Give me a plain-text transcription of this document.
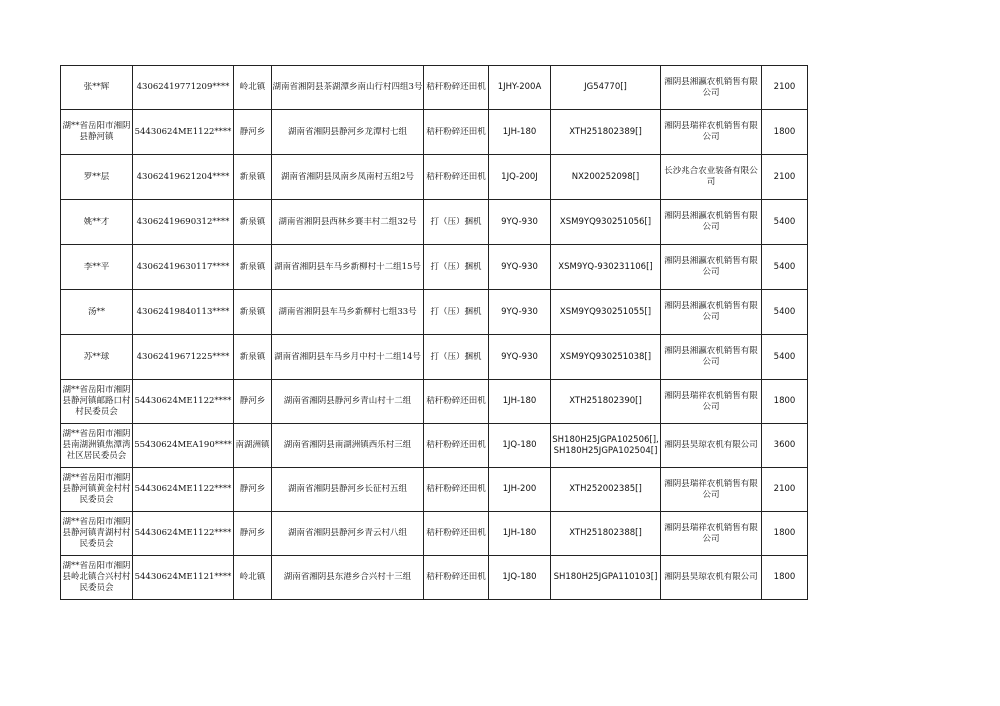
张**辉	43062419771209****	岭北镇	湖南省湘阴县茶湖潭乡南山行村四组3号	秸秆粉碎还田机	1JHY-200A	JG54770[]	湘阴县湘瀛农机销售有限公司	2100

湖**省岳阳市湘阴县静河镇	54430624ME1122****	静河乡	湖南省湘阴县静河乡龙潭村七组	秸秆粉碎还田机	1JH-180	XTH251802389[]	湘阴县瑞祥农机销售有限公司	1800

罗**层	43062419621204****	新泉镇	湖南省湘阴县凤南乡凤南村五组2号	秸秆粉碎还田机	1JQ-200J	NX200252098[]	长沙兆合农业装备有限公司	2100

姚**才	43062419690312****	新泉镇	湖南省湘阴县西林乡赛丰村二组32号	打（压）捆机	9YQ-930	XSM9YQ930251056[]	湘阴县湘瀛农机销售有限公司	5400

李**平	43062419630117****	新泉镇	湖南省湘阴县车马乡新柳村十二组15号	打（压）捆机	9YQ-930	XSM9YQ-930231106[]	湘阴县湘瀛农机销售有限公司	5400

汤**	43062419840113****	新泉镇	湖南省湘阴县车马乡新柳村七组33号	打（压）捆机	9YQ-930	XSM9YQ930251055[]	湘阴县湘瀛农机销售有限公司	5400

苏**球	43062419671225****	新泉镇	湖南省湘阴县车马乡月中村十二组14号	打（压）捆机	9YQ-930	XSM9YQ930251038[]	湘阴县湘瀛农机销售有限公司	5400

湖**省岳阳市湘阴县静河镇邮路口村村民委员会	54430624ME1122****	静河乡	湖南省湘阴县静河乡青山村十二组	秸秆粉碎还田机	1JH-180	XTH251802390[]	湘阴县瑞祥农机销售有限公司	1800

湖**省岳阳市湘阴县南湖洲镇焦潭湾社区居民委员会	55430624MEA190****	南湖洲镇	湖南省湘阴县南湖洲镇西乐村三组	秸秆粉碎还田机	1JQ-180	SH180H25JGPA102506[],SH180H25JGPA102504[]	湘阴县昊琼农机有限公司	3600

湖**省岳阳市湘阴县静河镇黄金村村民委员会	54430624ME1122****	静河乡	湖南省湘阴县静河乡长征村五组	秸秆粉碎还田机	1JH-200	XTH252002385[]	湘阴县瑞祥农机销售有限公司	2100

湖**省岳阳市湘阴县静河镇青湖村村民委员会	54430624ME1122****	静河乡	湖南省湘阴县静河乡青云村八组	秸秆粉碎还田机	1JH-180	XTH251802388[]	湘阴县瑞祥农机销售有限公司	1800

湖**省岳阳市湘阴县岭北镇合兴村村民委员会	54430624ME1121****	岭北镇	湖南省湘阴县东港乡合兴村十三组	秸秆粉碎还田机	1JQ-180	SH180H25JGPA110103[]	湘阴县昊琼农机有限公司	1800
